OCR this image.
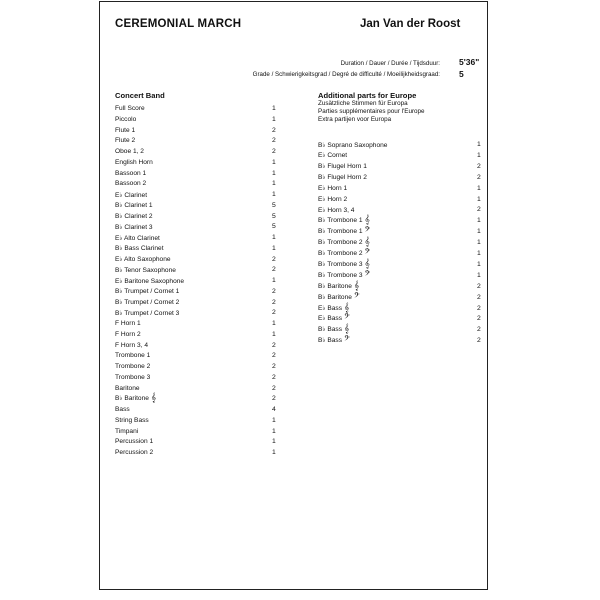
CEREMONIAL MARCH	Jan Van der Roost
Duration / Dauer / Durée / Tijdsduur: 5'36"
Grade / Schwierigkeitsgrad / Degré de difficulté / Moeilijkheidsgraad: 5
Concert Band	Additional parts for Europe
Zusätzliche Stimmen für Europa
Parties supplémentaires pour l'Europe
Extra partijen voor Europa
Full Score	1
Piccolo	1
Flute 1	2
Flute 2	2
Oboe 1, 2	2
English Horn	1
Bassoon 1	1
Bassoon 2	1
E♭ Clarinet	1
B♭ Clarinet 1	5
B♭ Clarinet 2	5
B♭ Clarinet 3	5
E♭ Alto Clarinet	1
B♭ Bass Clarinet	1
E♭ Alto Saxophone	2
B♭ Tenor Saxophone	2
E♭ Baritone Saxophone	1
B♭ Trumpet / Cornet 1	2
B♭ Trumpet / Cornet 2	2
B♭ Trumpet / Cornet 3	2
F Horn 1	1
F Horn 2	1
F Horn 3, 4	2
Trombone 1	2
Trombone 2	2
Trombone 3	2
Baritone	2
B♭ Baritone 𝄞	2
Bass	4
String Bass	1
Timpani	1
Percussion 1	1
Percussion 2	1
B♭ Soprano Saxophone	1
E♭ Cornet	1
B♭ Flugel Horn 1	2
B♭ Flugel Horn 2	2
E♭ Horn 1	1
E♭ Horn 2	1
E♭ Horn 3, 4	2
B♭ Trombone 1 𝄞	1
B♭ Trombone 1 𝄢	1
B♭ Trombone 2 𝄞	1
B♭ Trombone 2 𝄢	1
B♭ Trombone 3 𝄞	1
B♭ Trombone 3 𝄢	1
B♭ Baritone 𝄞	2
B♭ Baritone 𝄢	2
E♭ Bass 𝄞	2
E♭ Bass 𝄢	2
B♭ Bass 𝄞	2
B♭ Bass 𝄢	2
